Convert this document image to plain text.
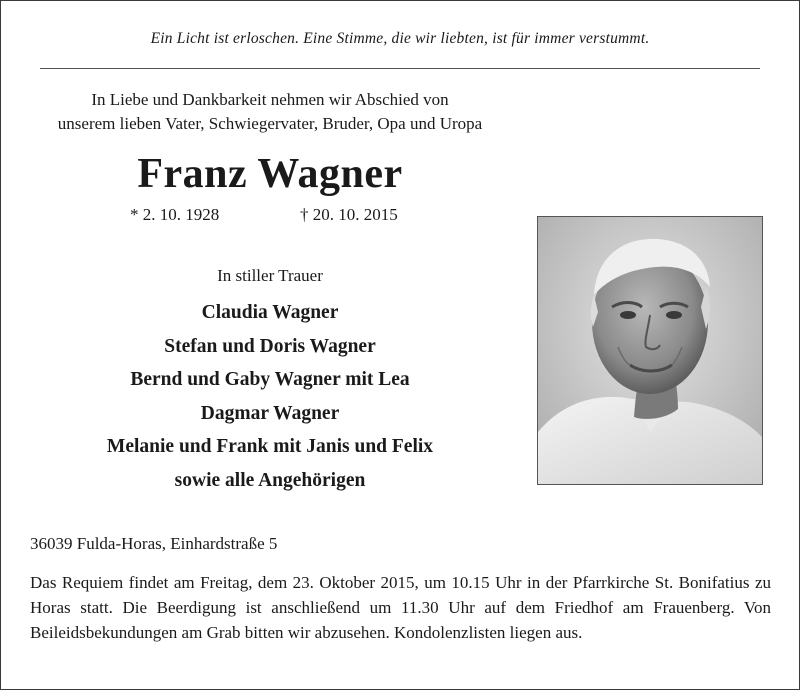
Ein Licht ist erloschen. Eine Stimme, die wir liebten, ist für immer verstummt.
In Liebe und Dankbarkeit nehmen wir Abschied von
unserem lieben Vater, Schwiegervater, Bruder, Opa und Uropa
Franz Wagner
* 2. 10. 1928	† 20. 10. 2015
In stiller Trauer
Claudia Wagner
Stefan und Doris Wagner
Bernd und Gaby Wagner mit Lea
Dagmar Wagner
Melanie und Frank mit Janis und Felix
sowie alle Angehörigen
36039 Fulda-Horas, Einhardstraße 5
Das Requiem findet am Freitag, dem 23. Oktober 2015, um 10.15 Uhr in der Pfarrkirche St. Bonifatius zu Horas statt. Die Beerdigung ist anschließend um 11.30 Uhr auf dem Friedhof am Frauenberg. Von Beileidsbekundungen am Grab bitten wir abzusehen. Kondolenzlisten liegen aus.
